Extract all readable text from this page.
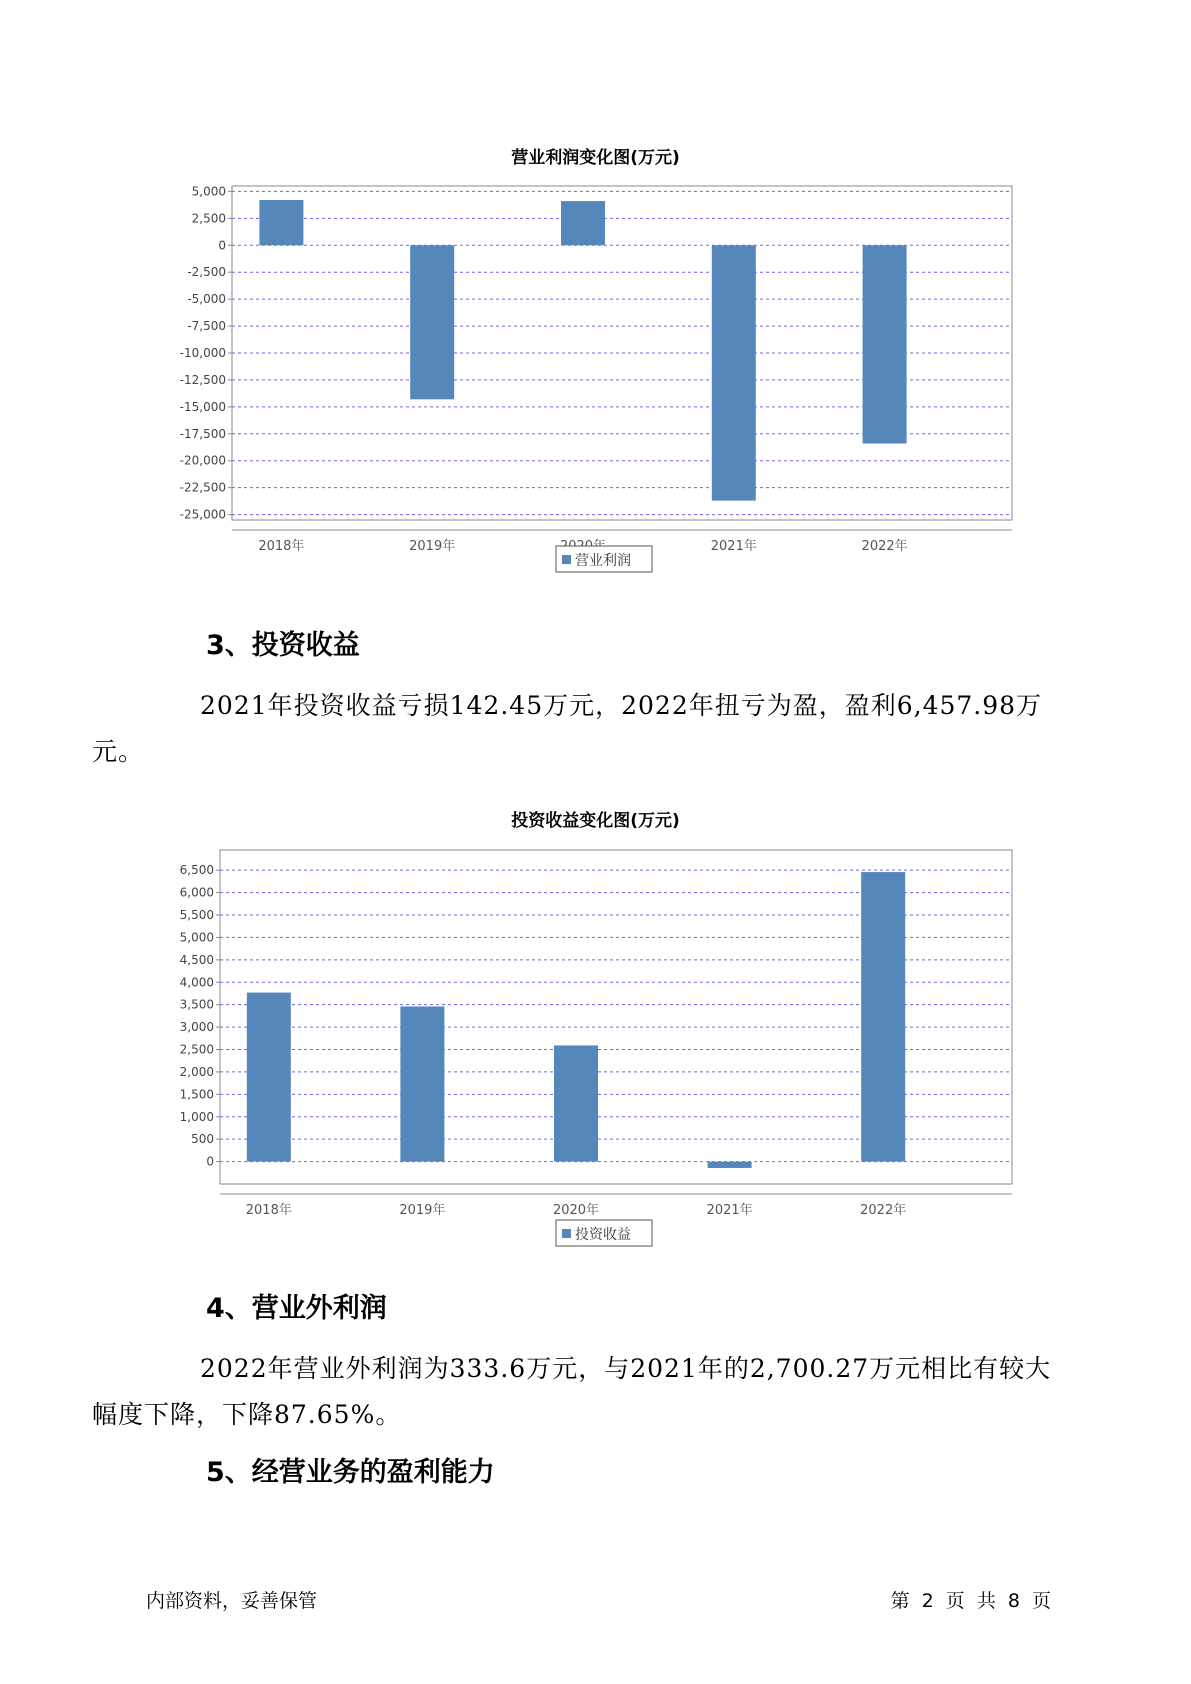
营业利润变化图(万元)
5,000
2,500
0
-2,500
-5,000
-7,500
-10,000
-12,500
-15,000
-17,500
-20,000
-22,500
-25,000
2018年	2019年	2021年	2022年
营业利润
3、投资收益
2021年投资收益亏损142.45万元，2022年扭亏为盈，盈利6,457.98万
元。
投资收益变化图(万元)
6,500
6,000
5,500
5,000
4,500
4,000
3,500
3,000
2,500
2,000
1,500
1,000
500
0
2018年	2019年	2020年	2021年	2022年
投资收益
4、营业外利润
2022年营业外利润为333.6万元，与2021年的2,700.27万元相比有较大
幅度下降，下降87.65%。
5、经营业务的盈利能力
内部资料，妥善保管	第 2 页 共 8 页
